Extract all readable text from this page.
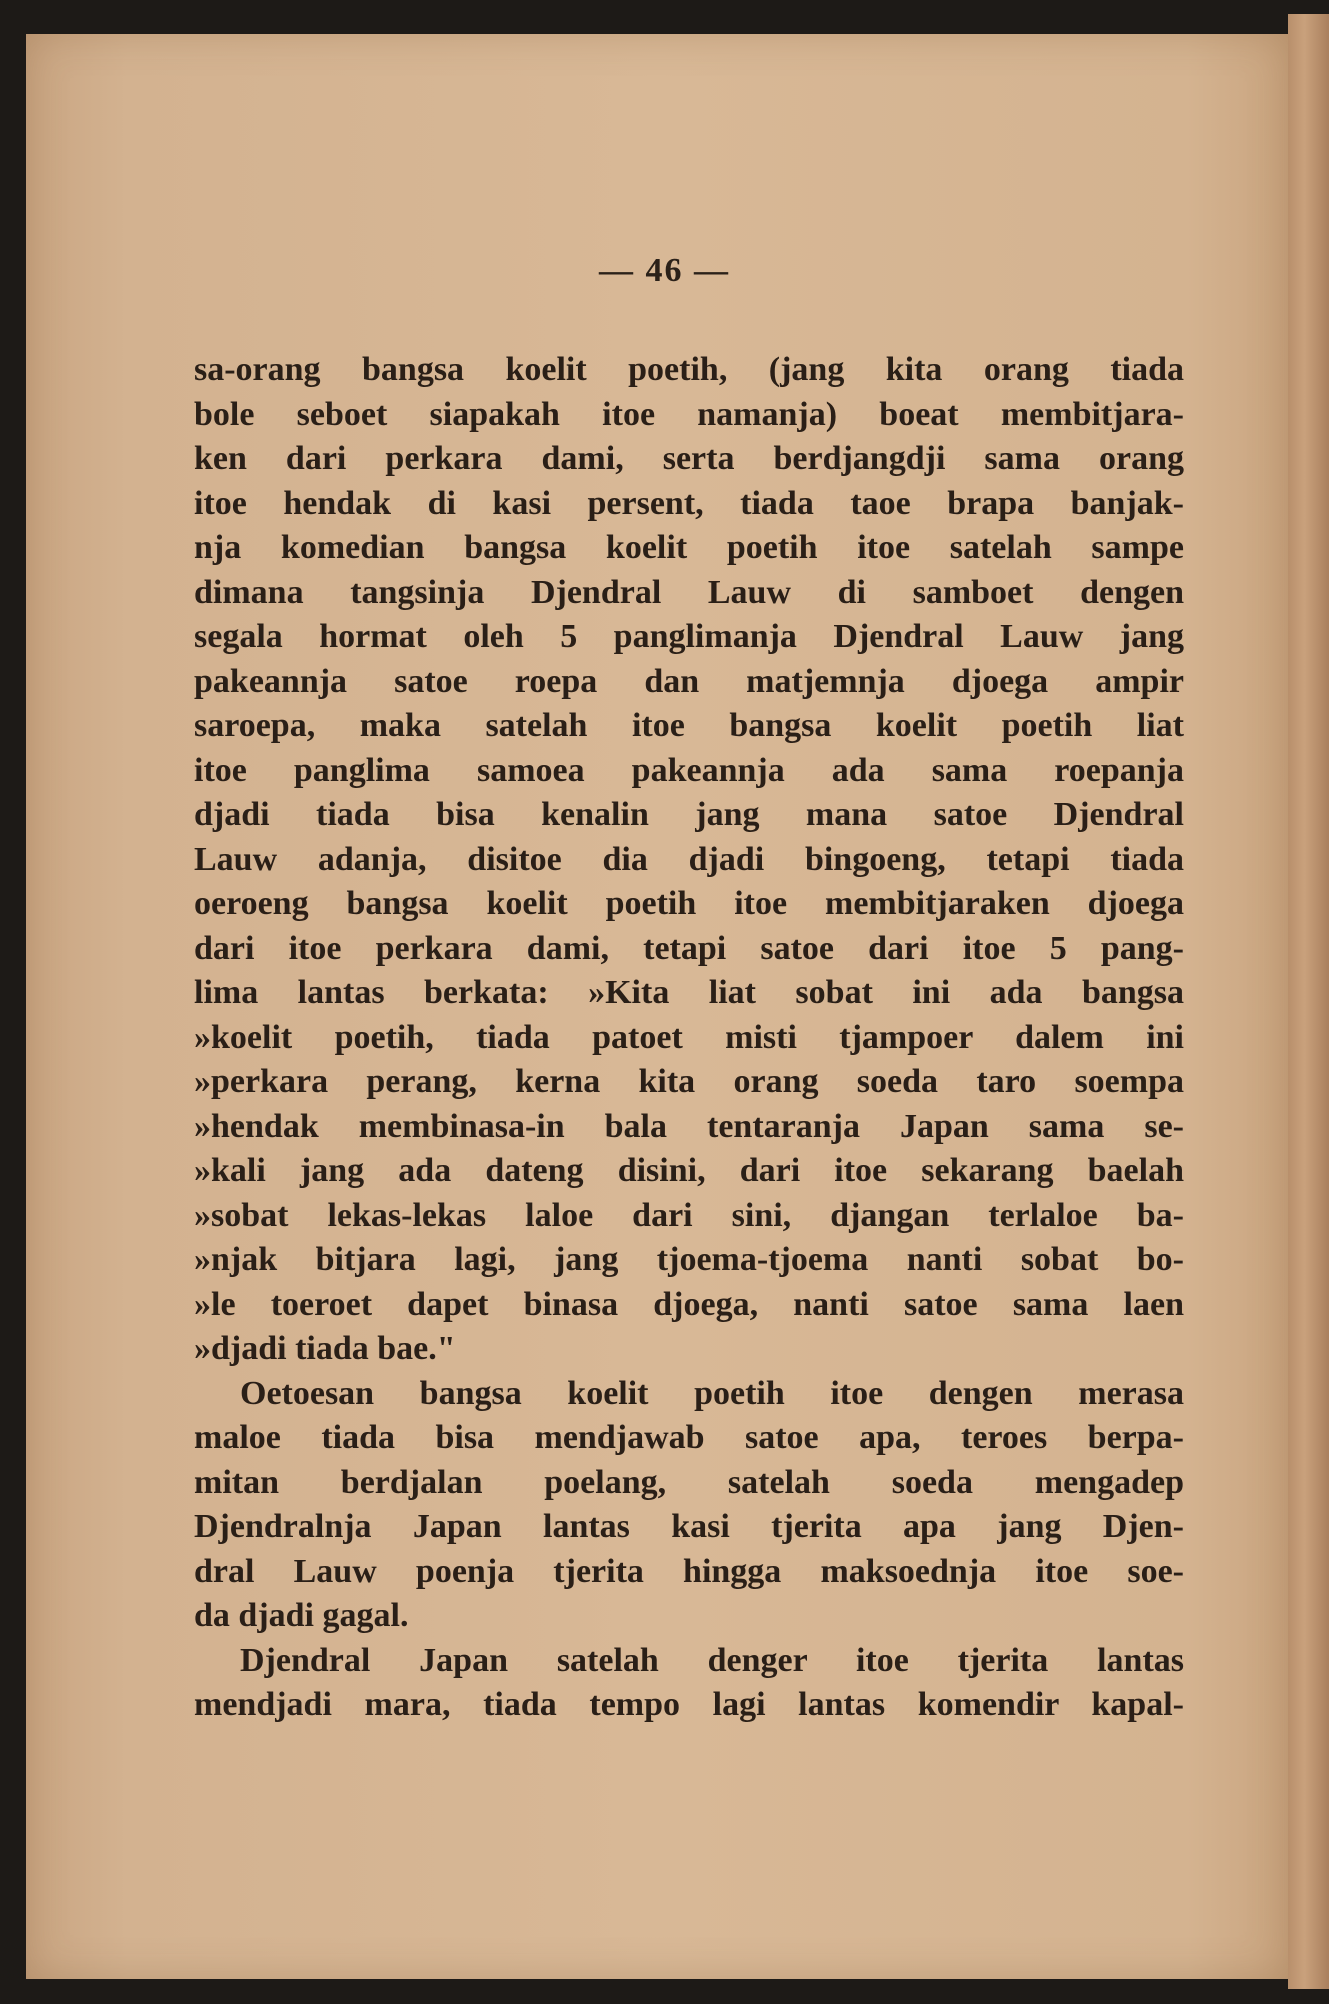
— 46 —
sa-orang bangsa koelit poetih, (jang kita orang tiada
bole seboet siapakah itoe namanja) boeat membitjara-
ken dari perkara dami, serta berdjangdji sama orang
itoe hendak di kasi persent, tiada taoe brapa banjak-
nja komedian bangsa koelit poetih itoe satelah sampe
dimana tangsinja Djendral Lauw di samboet dengen
segala hormat oleh 5 panglimanja Djendral Lauw jang
pakeannja satoe roepa dan matjemnja djoega ampir
saroepa, maka satelah itoe bangsa koelit poetih liat
itoe panglima samoea pakeannja ada sama roepanja
djadi tiada bisa kenalin jang mana satoe Djendral
Lauw adanja, disitoe dia djadi bingoeng, tetapi tiada
oeroeng bangsa koelit poetih itoe membitjaraken djoega
dari itoe perkara dami, tetapi satoe dari itoe 5 pang-
lima lantas berkata: »Kita liat sobat ini ada bangsa
»koelit poetih, tiada patoet misti tjampoer dalem ini
»perkara perang, kerna kita orang soeda taro soempa
»hendak membinasa-in bala tentaranja Japan sama se-
»kali jang ada dateng disini, dari itoe sekarang baelah
»sobat lekas-lekas laloe dari sini, djangan terlaloe ba-
»njak bitjara lagi, jang tjoema-tjoema nanti sobat bo-
»le toeroet dapet binasa djoega, nanti satoe sama laen
»djadi tiada bae."
Oetoesan bangsa koelit poetih itoe dengen merasa
maloe tiada bisa mendjawab satoe apa, teroes berpa-
mitan berdjalan poelang, satelah soeda mengadep
Djendralnja Japan lantas kasi tjerita apa jang Djen-
dral Lauw poenja tjerita hingga maksoednja itoe soe-
da djadi gagal.
Djendral Japan satelah denger itoe tjerita lantas
mendjadi mara, tiada tempo lagi lantas komendir kapal-
